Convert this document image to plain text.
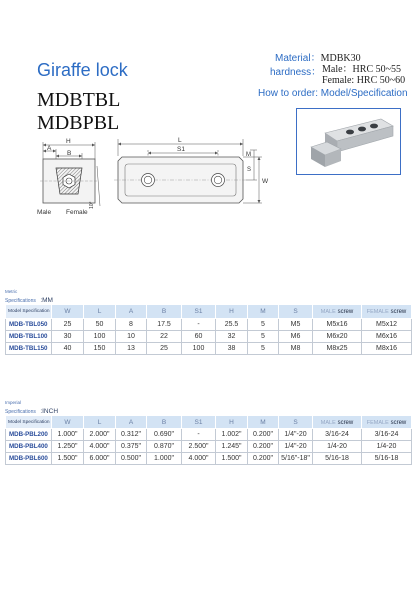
Giraffe lock
MDBTBL
MDBPBL
Material：MDBK30
hardness： Male：HRC 50~55
Female: HRC 50~60
How to order: Model/Specification
H
A
B
10°
Male Female
L
S1
M
S
W
Metric
Specifications :MM
Model Specification	W	L	A	B	S1	H	M	S	MALE screw	FEMALE screw
MDB-TBL050	25	50	8	17.5	-	25.5	5	M5	M5x16	M5x12
MDB-TBL100	30	100	10	22	60	32	5	M6	M6x20	M6x16
MDB-TBL150	40	150	13	25	100	38	5	M8	M8x25	M8x16
Imperial
Specifications :INCH
Model Specification	W	L	A	B	S1	H	M	S	MALE screw	FEMALE screw
MDB-PBL200	1.000"	2.000"	0.312"	0.690"	-	1.002"	0.200"	1/4"-20	3/16-24	3/16-24
MDB-PBL400	1.250"	4.000"	0.375"	0.870"	2.500"	1.245"	0.200"	1/4"-20	1/4-20	1/4-20
MDB-PBL600	1.500"	6.000"	0.500"	1.000"	4.000"	1.500"	0.200"	5/16"-18"	5/16-18	5/16-18
